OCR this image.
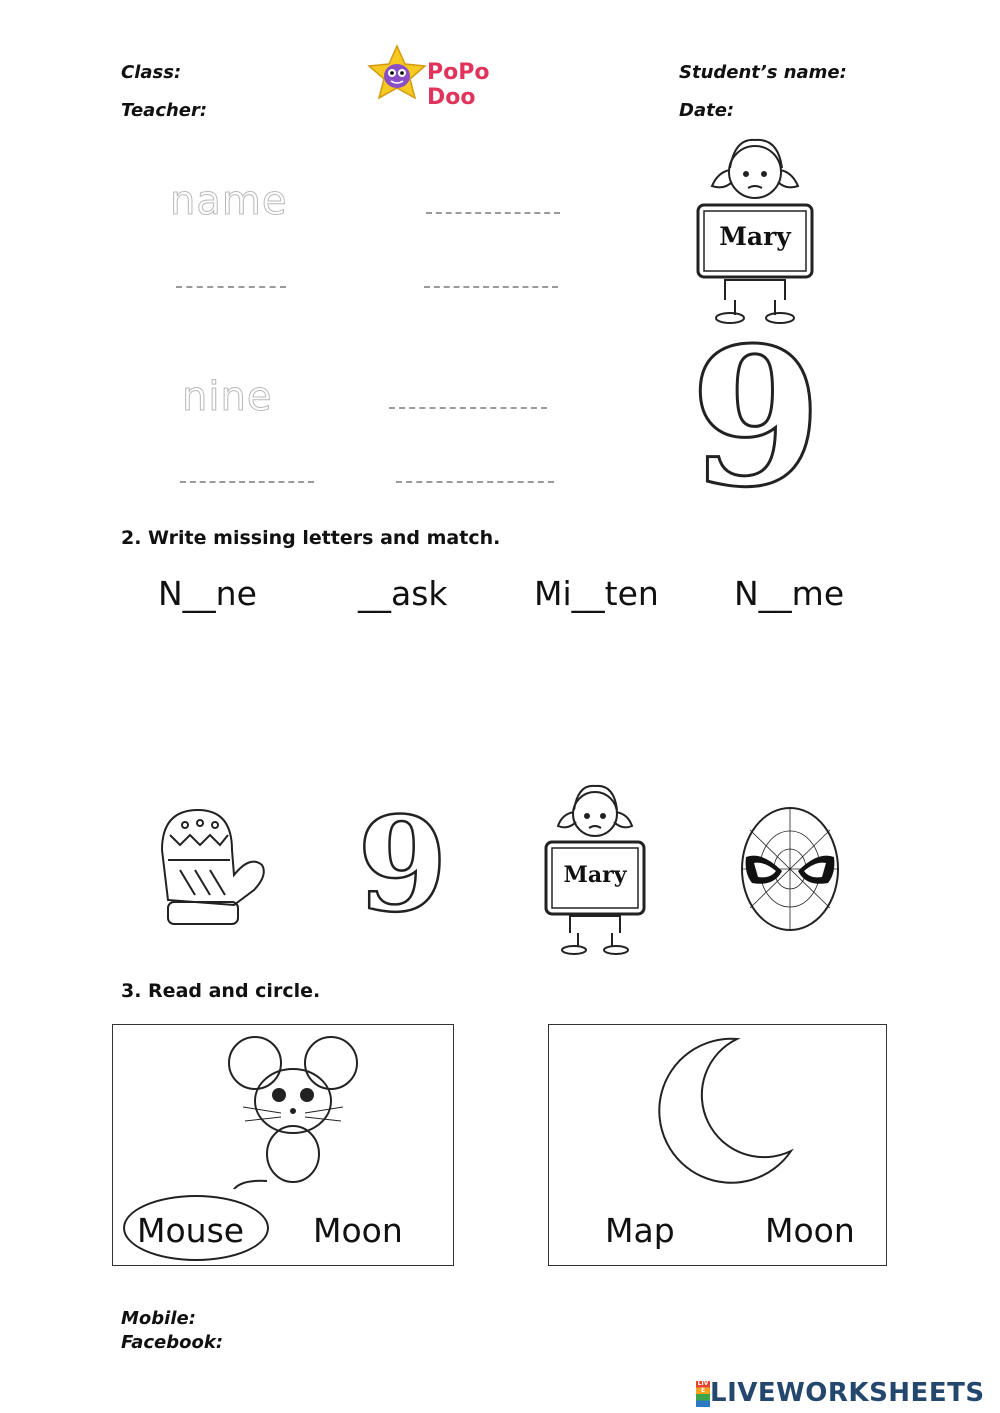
Class:
Teacher:
Student’s name:
Date:
PoPo Doo
name
nine
Mary
9
2. Write missing letters and match.
N__ne	__ask	Mi__ten N__me
9	Mary
3. Read and circle.
Mouse Moon	Map	Moon
Mobile:
Facebook:
LIVE LIVEWORKSHEETS
